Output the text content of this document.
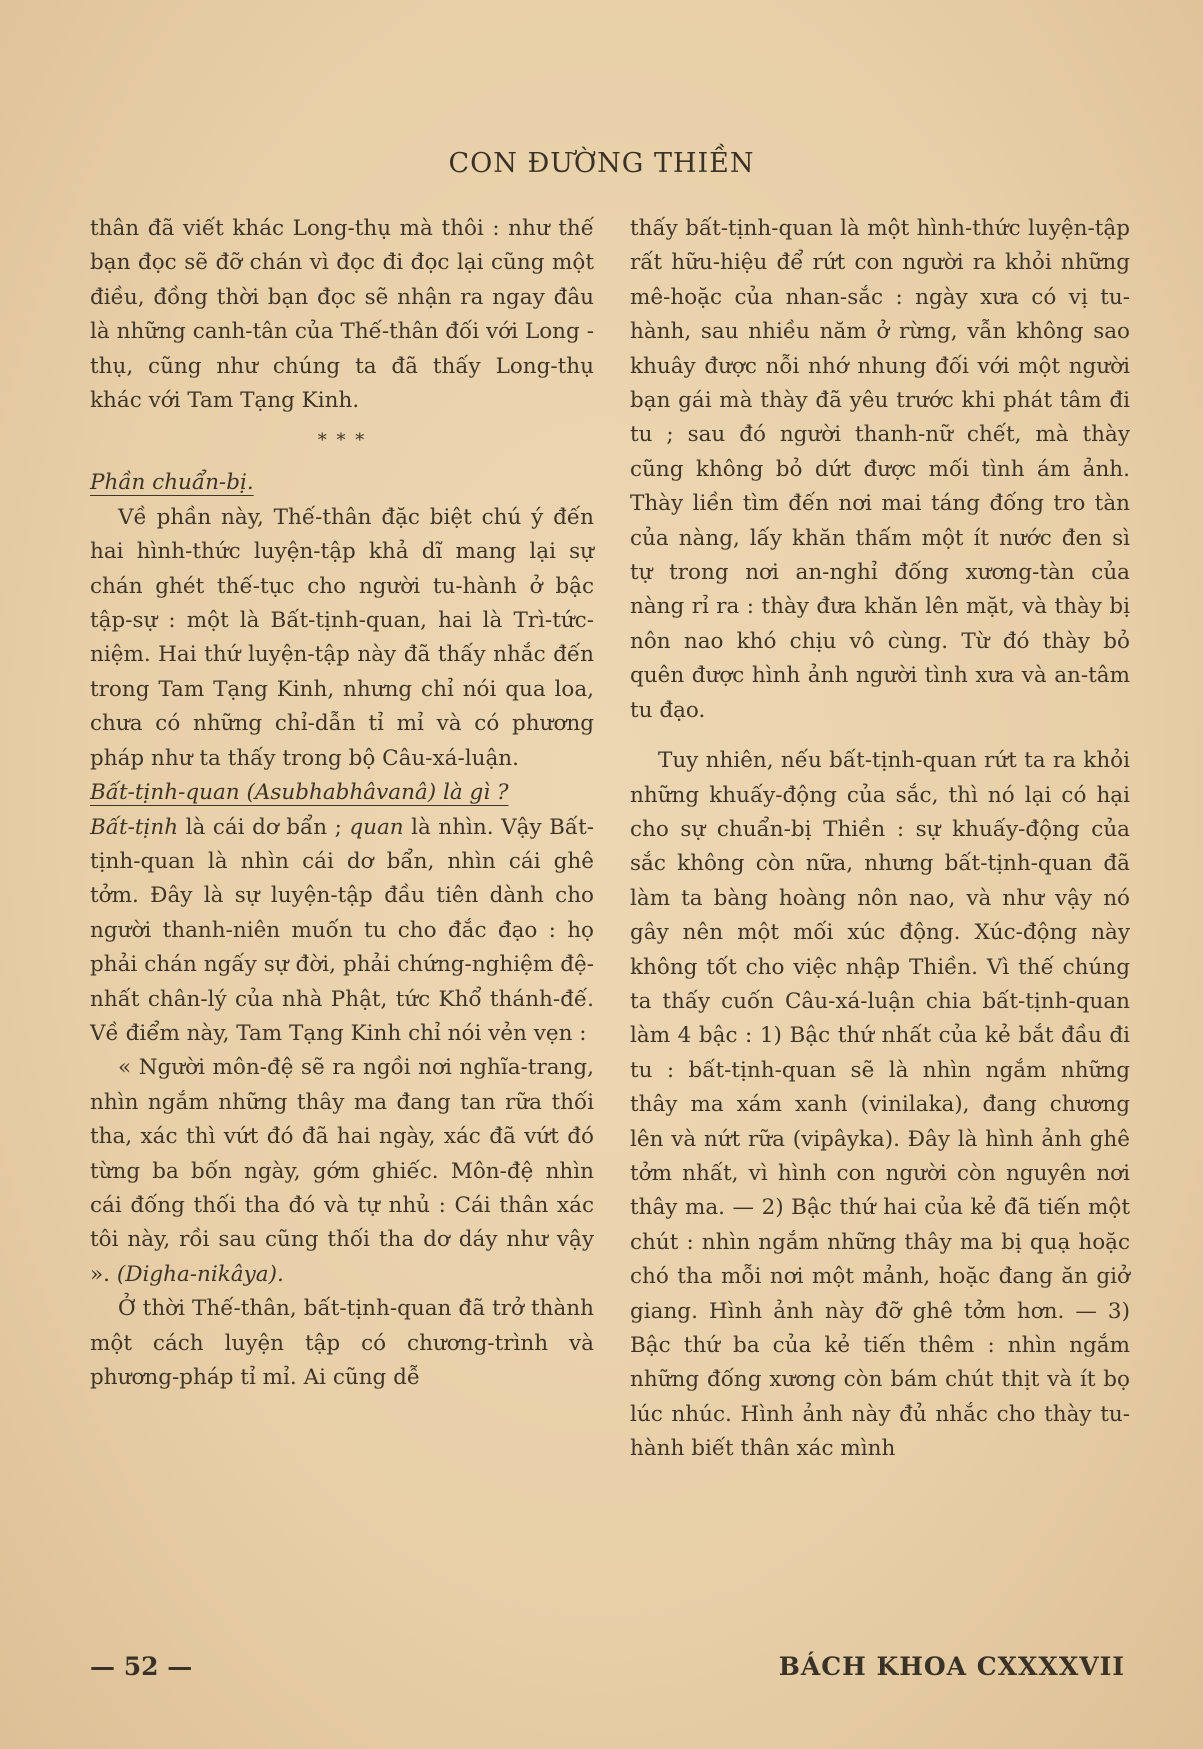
CON ĐƯỜNG THIỀN

thân đã viết khác Long-thụ mà thôi : như thế bạn đọc sẽ đỡ chán vì đọc đi đọc lại cũng một điều, đồng thời bạn đọc sẽ nhận ra ngay đâu là những canh-tân của Thế-thân đối với Long - thụ, cũng như chúng ta đã thấy Long-thụ khác với Tam Tạng Kinh.

* * *

Phần chuẩn-bị.

Về phần này, Thế-thân đặc biệt chú ý đến hai hình-thức luyện-tập khả dĩ mang lại sự chán ghét thế-tục cho người tu-hành ở bậc tập-sự : một là Bất-tịnh-quan, hai là Trì-tức-niệm. Hai thứ luyện-tập này đã thấy nhắc đến trong Tam Tạng Kinh, nhưng chỉ nói qua loa, chưa có những chỉ-dẫn tỉ mỉ và có phương pháp như ta thấy trong bộ Câu-xá-luận.

Bất-tịnh-quan (Asubhabhâvanâ) là gì ?

Bất-tịnh là cái dơ bẩn ; quan là nhìn. Vậy Bất-tịnh-quan là nhìn cái dơ bẩn, nhìn cái ghê tởm. Đây là sự luyện-tập đầu tiên dành cho người thanh-niên muốn tu cho đắc đạo : họ phải chán ngấy sự đời, phải chứng-nghiệm đệ-nhất chân-lý của nhà Phật, tức Khổ thánh-đế. Về điểm này, Tam Tạng Kinh chỉ nói vẻn vẹn :

« Người môn-đệ sẽ ra ngồi nơi nghĩa-trang, nhìn ngắm những thây ma đang tan rữa thối tha, xác thì vứt đó đã hai ngày, xác đã vứt đó từng ba bốn ngày, gớm ghiếc. Môn-đệ nhìn cái đống thối tha đó và tự nhủ : Cái thân xác tôi này, rồi sau cũng thối tha dơ dáy như vậy ». (Digha-nikâya).

Ở thời Thế-thân, bất-tịnh-quan đã trở thành một cách luyện tập có chương-trình và phương-pháp tỉ mỉ. Ai cũng dễ

thấy bất-tịnh-quan là một hình-thức luyện-tập rất hữu-hiệu để rứt con người ra khỏi những mê-hoặc của nhan-sắc : ngày xưa có vị tu-hành, sau nhiều năm ở rừng, vẫn không sao khuây được nỗi nhớ nhung đối với một người bạn gái mà thày đã yêu trước khi phát tâm đi tu ; sau đó người thanh-nữ chết, mà thày cũng không bỏ dứt được mối tình ám ảnh. Thày liền tìm đến nơi mai táng đống tro tàn của nàng, lấy khăn thấm một ít nước đen sì tự trong nơi an-nghỉ đống xương-tàn của nàng rỉ ra : thày đưa khăn lên mặt, và thày bị nôn nao khó chịu vô cùng. Từ đó thày bỏ quên được hình ảnh người tình xưa và an-tâm tu đạo.

Tuy nhiên, nếu bất-tịnh-quan rứt ta ra khỏi những khuấy-động của sắc, thì nó lại có hại cho sự chuẩn-bị Thiền : sự khuấy-động của sắc không còn nữa, nhưng bất-tịnh-quan đã làm ta bàng hoàng nôn nao, và như vậy nó gây nên một mối xúc động. Xúc-động này không tốt cho việc nhập Thiền. Vì thế chúng ta thấy cuốn Câu-xá-luận chia bất-tịnh-quan làm 4 bậc : 1) Bậc thứ nhất của kẻ bắt đầu đi tu : bất-tịnh-quan sẽ là nhìn ngắm những thây ma xám xanh (vinilaka), đang chương lên và nứt rữa (vipâyka). Đây là hình ảnh ghê tởm nhất, vì hình con người còn nguyên nơi thây ma. — 2) Bậc thứ hai của kẻ đã tiến một chút : nhìn ngắm những thây ma bị quạ hoặc chó tha mỗi nơi một mảnh, hoặc đang ăn giở giang. Hình ảnh này đỡ ghê tởm hơn. — 3) Bậc thứ ba của kẻ tiến thêm : nhìn ngắm những đống xương còn bám chút thịt và ít bọ lúc nhúc. Hình ảnh này đủ nhắc cho thày tu-hành biết thân xác mình

— 52 —	BÁCH KHOA CXXXXVII
